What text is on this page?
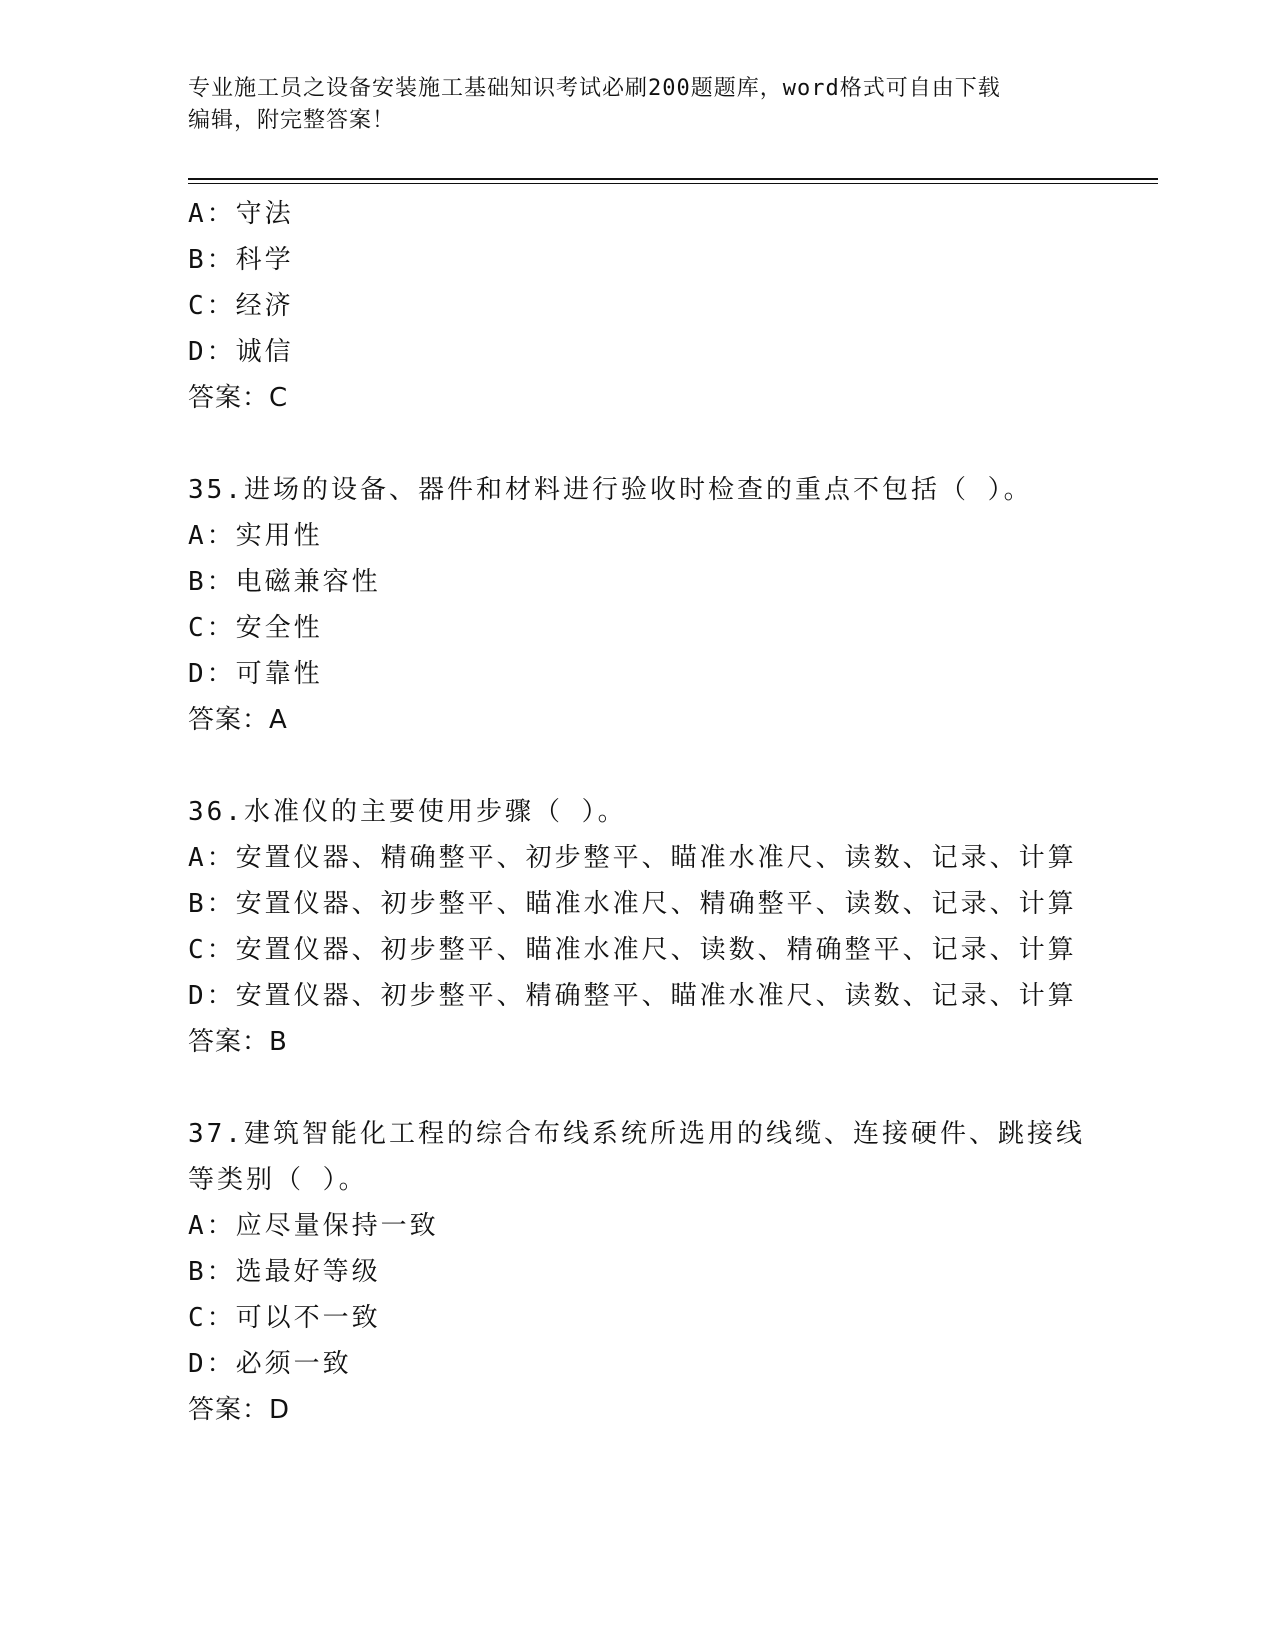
专业施工员之设备安装施工基础知识考试必刷200题题库，word格式可自由下载
编辑，附完整答案！
A：守法
B：科学
C：经济
D：诚信
答案：C
35.进场的设备、器件和材料进行验收时检查的重点不包括（ ）。
A：实用性
B：电磁兼容性
C：安全性
D：可靠性
答案：A
36.水准仪的主要使用步骤（ ）。
A：安置仪器、精确整平、初步整平、瞄准水准尺、读数、记录、计算
B：安置仪器、初步整平、瞄准水准尺、精确整平、读数、记录、计算
C：安置仪器、初步整平、瞄准水准尺、读数、精确整平、记录、计算
D：安置仪器、初步整平、精确整平、瞄准水准尺、读数、记录、计算
答案：B
37.建筑智能化工程的综合布线系统所选用的线缆、连接硬件、跳接线等类别（ ）。
A：应尽量保持一致
B：选最好等级
C：可以不一致
D：必须一致
答案：D
